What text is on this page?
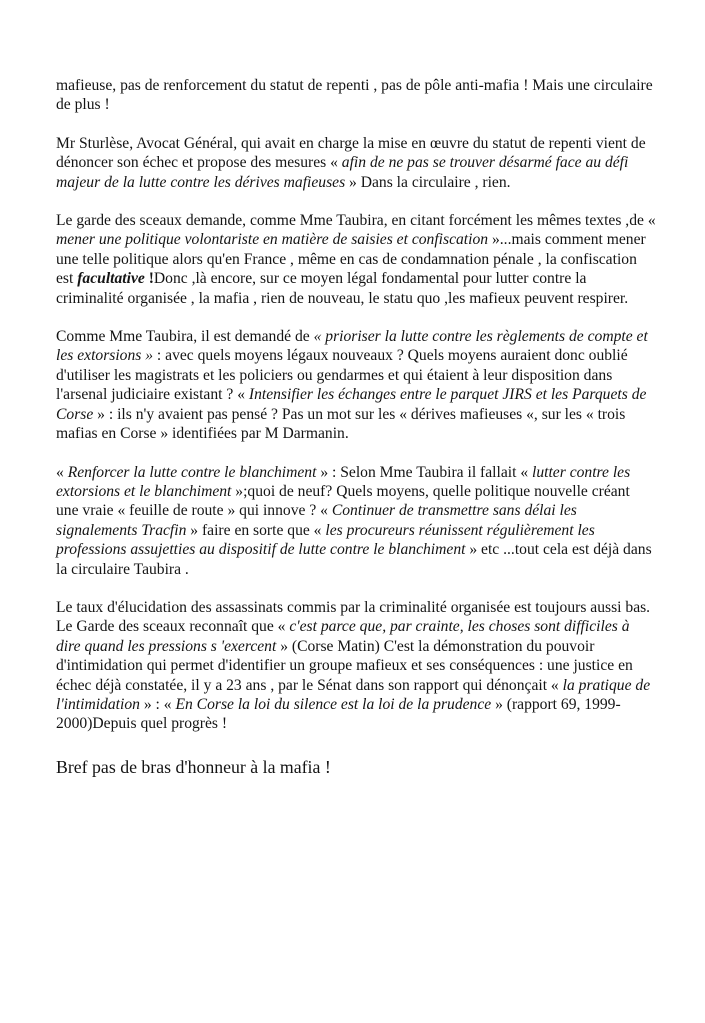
mafieuse, pas de renforcement du statut de repenti , pas de pôle anti-mafia ! Mais une circulaire de plus !

Mr Sturlèse, Avocat Général, qui avait en charge la mise en œuvre du statut de repenti vient de dénoncer son échec et propose des mesures « afin de ne pas se trouver désarmé face au défi majeur de la lutte contre les dérives mafieuses » Dans la circulaire , rien.

Le garde des sceaux demande, comme Mme Taubira, en citant forcément les mêmes textes ,de « mener une politique volontariste en matière de saisies et confiscation »...mais comment mener une telle politique alors qu'en France , même en cas de condamnation pénale , la confiscation est facultative !Donc ,là encore, sur ce moyen légal fondamental pour lutter contre la criminalité organisée , la mafia , rien de nouveau, le statu quo ,les mafieux peuvent respirer.

Comme Mme Taubira, il est demandé de « prioriser la lutte contre les règlements de compte et les extorsions » : avec quels moyens légaux nouveaux ? Quels moyens auraient donc oublié d'utiliser les magistrats et les policiers ou gendarmes et qui étaient à leur disposition dans l'arsenal judiciaire existant ? « Intensifier les échanges entre le parquet JIRS et les Parquets de Corse » : ils n'y avaient pas pensé ? Pas un mot sur les « dérives mafieuses «, sur les « trois mafias en Corse » identifiées par M Darmanin.

« Renforcer la lutte contre le blanchiment » : Selon Mme Taubira il fallait « lutter contre les extorsions et le blanchiment »;quoi de neuf? Quels moyens, quelle politique nouvelle créant une vraie « feuille de route » qui innove ? « Continuer de transmettre sans délai les signalements Tracfin » faire en sorte que « les procureurs réunissent régulièrement les professions assujetties au dispositif de lutte contre le blanchiment » etc ...tout cela est déjà dans la circulaire Taubira .

Le taux d'élucidation des assassinats commis par la criminalité organisée est toujours aussi bas. Le Garde des sceaux reconnaît que « c'est parce que, par crainte, les choses sont difficiles à dire quand les pressions s 'exercent » (Corse Matin) C'est la démonstration du pouvoir d'intimidation qui permet d'identifier un groupe mafieux et ses conséquences : une justice en échec déjà constatée, il y a 23 ans , par le Sénat dans son rapport qui dénonçait « la pratique de l'intimidation » : « En Corse la loi du silence est la loi de la prudence » (rapport 69, 1999-2000)Depuis quel progrès !

Bref pas de bras d'honneur à la mafia !
